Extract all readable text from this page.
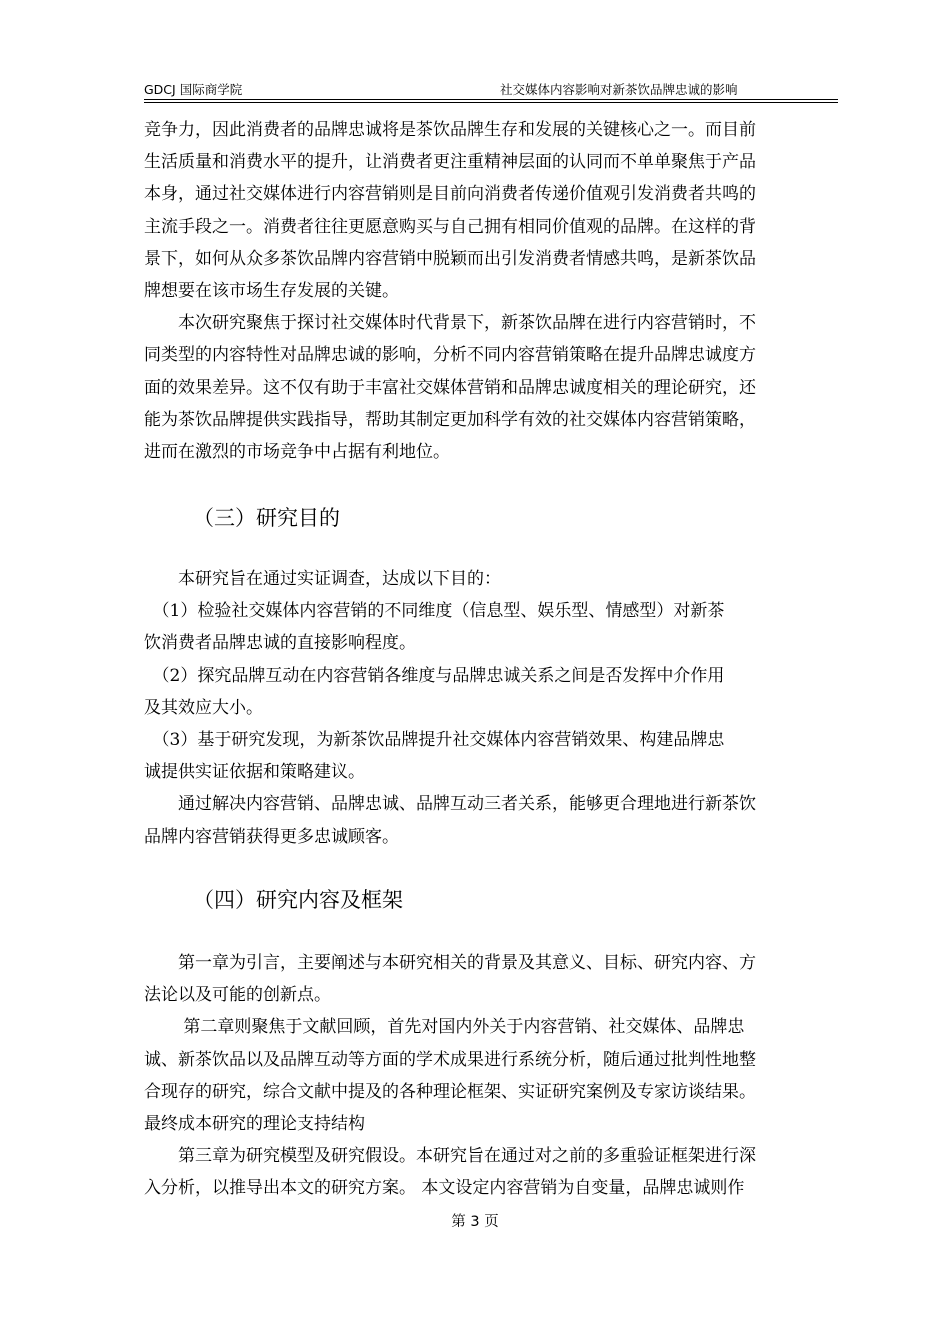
GDCJ 国际商学院	社交媒体内容影响对新茶饮品牌忠诚的影响
竞争力，因此消费者的品牌忠诚将是茶饮品牌生存和发展的关键核心之一。而目前
生活质量和消费水平的提升，让消费者更注重精神层面的认同而不单单聚焦于产品
本身，通过社交媒体进行内容营销则是目前向消费者传递价值观引发消费者共鸣的
主流手段之一。消费者往往更愿意购买与自己拥有相同价值观的品牌。在这样的背
景下，如何从众多茶饮品牌内容营销中脱颖而出引发消费者情感共鸣，是新茶饮品
牌想要在该市场生存发展的关键。
　　本次研究聚焦于探讨社交媒体时代背景下，新茶饮品牌在进行内容营销时，不
同类型的内容特性对品牌忠诚的影响，分析不同内容营销策略在提升品牌忠诚度方
面的效果差异。这不仅有助于丰富社交媒体营销和品牌忠诚度相关的理论研究，还
能为茶饮品牌提供实践指导，帮助其制定更加科学有效的社交媒体内容营销策略，
进而在激烈的市场竞争中占据有利地位。
（三）研究目的
　　本研究旨在通过实证调查，达成以下目的：
　（1）检验社交媒体内容营销的不同维度（信息型、娱乐型、情感型）对新茶
饮消费者品牌忠诚的直接影响程度。
　（2）探究品牌互动在内容营销各维度与品牌忠诚关系之间是否发挥中介作用
及其效应大小。
　（3）基于研究发现，为新茶饮品牌提升社交媒体内容营销效果、构建品牌忠
诚提供实证依据和策略建议。
　　通过解决内容营销、品牌忠诚、品牌互动三者关系，能够更合理地进行新茶饮
品牌内容营销获得更多忠诚顾客。
（四）研究内容及框架
　　第一章为引言，主要阐述与本研究相关的背景及其意义、目标、研究内容、方
法论以及可能的创新点。
　　 第二章则聚焦于文献回顾，首先对国内外关于内容营销、社交媒体、品牌忠
诚、新茶饮品以及品牌互动等方面的学术成果进行系统分析，随后通过批判性地整
合现存的研究，综合文献中提及的各种理论框架、实证研究案例及专家访谈结果。
最终成本研究的理论支持结构
　　第三章为研究模型及研究假设。本研究旨在通过对之前的多重验证框架进行深
入分析，以推导出本文的研究方案。 本文设定内容营销为自变量，品牌忠诚则作
第 3 页
